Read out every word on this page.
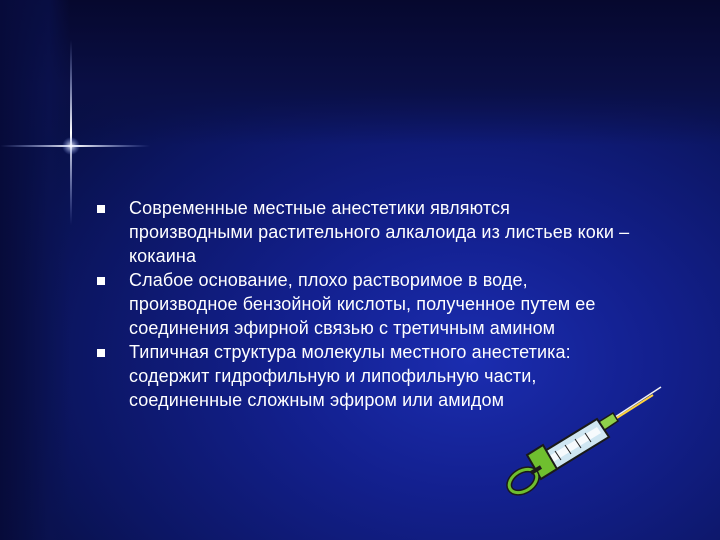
Современные местные анестетики являются производными растительного алкалоида из листьев коки – кокаина
Слабое основание, плохо растворимое в воде, производное бензойной кислоты, полученное путем ее соединения эфирной связью с третичным амином
Типичная структура молекулы местного анестетика: содержит гидрофильную и липофильную части, соединенные сложным эфиром или амидом
